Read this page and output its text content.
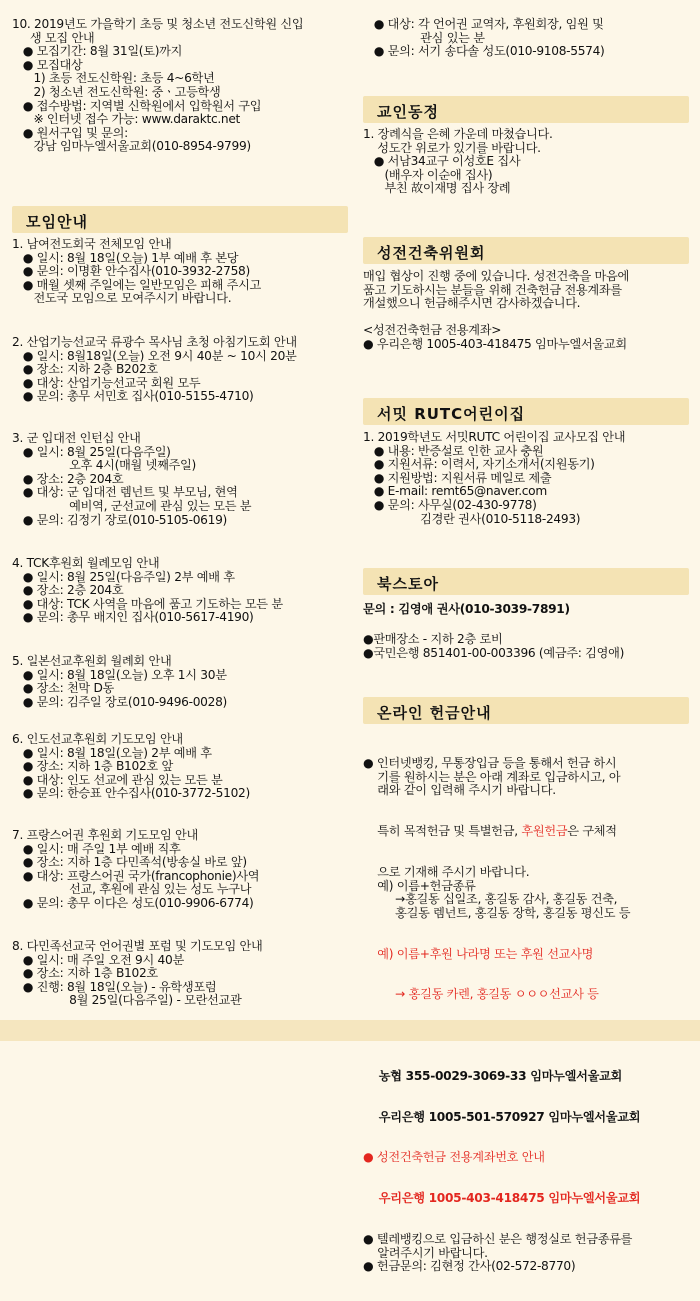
10. 2019년도 가을학기 초등 및 청소년 전도신학원 신입
생 모집 안내
● 모집기간: 8월 31일(토)까지
● 모집대상
1) 초등 전도신학원: 초등 4~6학년
2) 청소년 전도신학원: 중ㆍ고등학생
● 접수방법: 지역별 신학원에서 입학원서 구입
※ 인터넷 접수 가능: www.daraktc.net
● 원서구입 및 문의:
강남 임마누엘서울교회(010-8954-9799)
모임안내
1. 남여전도회국 전체모임 안내
● 일시: 8월 18일(오늘) 1부 예배 후 본당
● 문의: 이명환 안수집사(010-3932-2758)
● 매월 셋째 주일에는 일반모임은 피해 주시고
전도국 모임으로 모여주시기 바랍니다.
2. 산업기능선교국 류광수 목사님 초청 아침기도회 안내
● 일시: 8월18일(오늘) 오전 9시 40분 ~ 10시 20분
● 장소: 지하 2층 B202호
● 대상: 산업기능선교국 회원 모두
● 문의: 총무 서민호 집사(010-5155-4710)
3. 군 입대전 인턴십 안내
● 일시: 8월 25일(다음주일)
오후 4시(매월 넷째주일)
● 장소: 2층 204호
● 대상: 군 입대전 렘넌트 및 부모님, 현역
예비역, 군선교에 관심 있는 모든 분
● 문의: 김정기 장로(010-5105-0619)
4. TCK후원회 월례모임 안내
● 일시: 8월 25일(다음주일) 2부 예배 후
● 장소: 2층 204호
● 대상: TCK 사역을 마음에 품고 기도하는 모든 분
● 문의: 총무 배지인 집사(010-5617-4190)
5. 일본선교후원회 월례회 안내
● 일시: 8월 18일(오늘) 오후 1시 30분
● 장소: 천막 D동
● 문의: 김주일 장로(010-9496-0028)
6. 인도선교후원회 기도모임 안내
● 일시: 8월 18일(오늘) 2부 예배 후
● 장소: 지하 1층 B102호 앞
● 대상: 인도 선교에 관심 있는 모든 분
● 문의: 한승표 안수집사(010-3772-5102)
7. 프랑스어권 후원회 기도모임 안내
● 일시: 매 주일 1부 예배 직후
● 장소: 지하 1층 다민족석(방송실 바로 앞)
● 대상: 프랑스어권 국가(francophonie)사역
선교, 후원에 관심 있는 성도 누구나
● 문의: 총무 이다은 성도(010-9906-6774)
8. 다민족선교국 언어권별 포럼 및 기도모임 안내
● 일시: 매 주일 오전 9시 40분
● 장소: 지하 1층 B102호
● 진행: 8월 18일(오늘) - 유학생포럼
8월 25일(다음주일) - 모란선교관
● 대상: 각 언어권 교역자, 후원회장, 임원 및
관심 있는 분
● 문의: 서기 송다솔 성도(010-9108-5574)
교인동정
1. 장례식을 은혜 가운데 마쳤습니다.
성도간 위로가 있기를 바랍니다.
● 서남34교구 이성호E 집사
(배우자 이순애 집사)
부친 故이재명 집사 장례
성전건축위원회
매입 협상이 진행 중에 있습니다. 성전건축을 마음에
품고 기도하시는 분들을 위해 건축헌금 전용계좌를
개설했으니 헌금해주시면 감사하겠습니다.

<성전건축헌금 전용계좌>
● 우리은행 1005-403-418475 임마누엘서울교회
서밋 RUTC어린이집
1. 2019학년도 서밋RUTC 어린이집 교사모집 안내
● 내용: 반증설로 인한 교사 충원
● 지원서류: 이력서, 자기소개서(지원동기)
● 지원방법: 지원서류 메일로 제출
● E-mail: remt65@naver.com
● 문의: 사무실(02-430-9778)
김경란 권사(010-5118-2493)
북스토아
문의 : 김영애 권사(010-3039-7891)
●판매장소 - 지하 2층 로비
●국민은행 851401-00-003396 (예금주: 김영애)
온라인 헌금안내

● 인터넷뱅킹, 무통장입금 등을 통해서 헌금 하시
기를 원하시는 분은 아래 계좌로 입금하시고, 아
래와 같이 입력해 주시기 바랍니다.

특히 목적헌금 및 특별헌금, 후원헌금은 구체적

으로 기재해 주시기 바랍니다.
예) 이름+헌금종류
→홍길동 십일조, 홍길동 감사, 홍길동 건축,
홍길동 렘넌트, 홍길동 장학, 홍길동 평신도 등

예) 이름+후원 나라명 또는 후원 선교사명

→ 홍길동 카렌, 홍길동 ㅇㅇㅇ선교사 등

농협 355-0029-3069-33 임마누엘서울교회

우리은행 1005-501-570927 임마누엘서울교회

● 성전건축헌금 전용계좌번호 안내

우리은행 1005-403-418475 임마누엘서울교회

● 텔레뱅킹으로 입금하신 분은 행정실로 헌금종류를
알려주시기 바랍니다.
● 헌금문의: 김현정 간사(02-572-8770)
